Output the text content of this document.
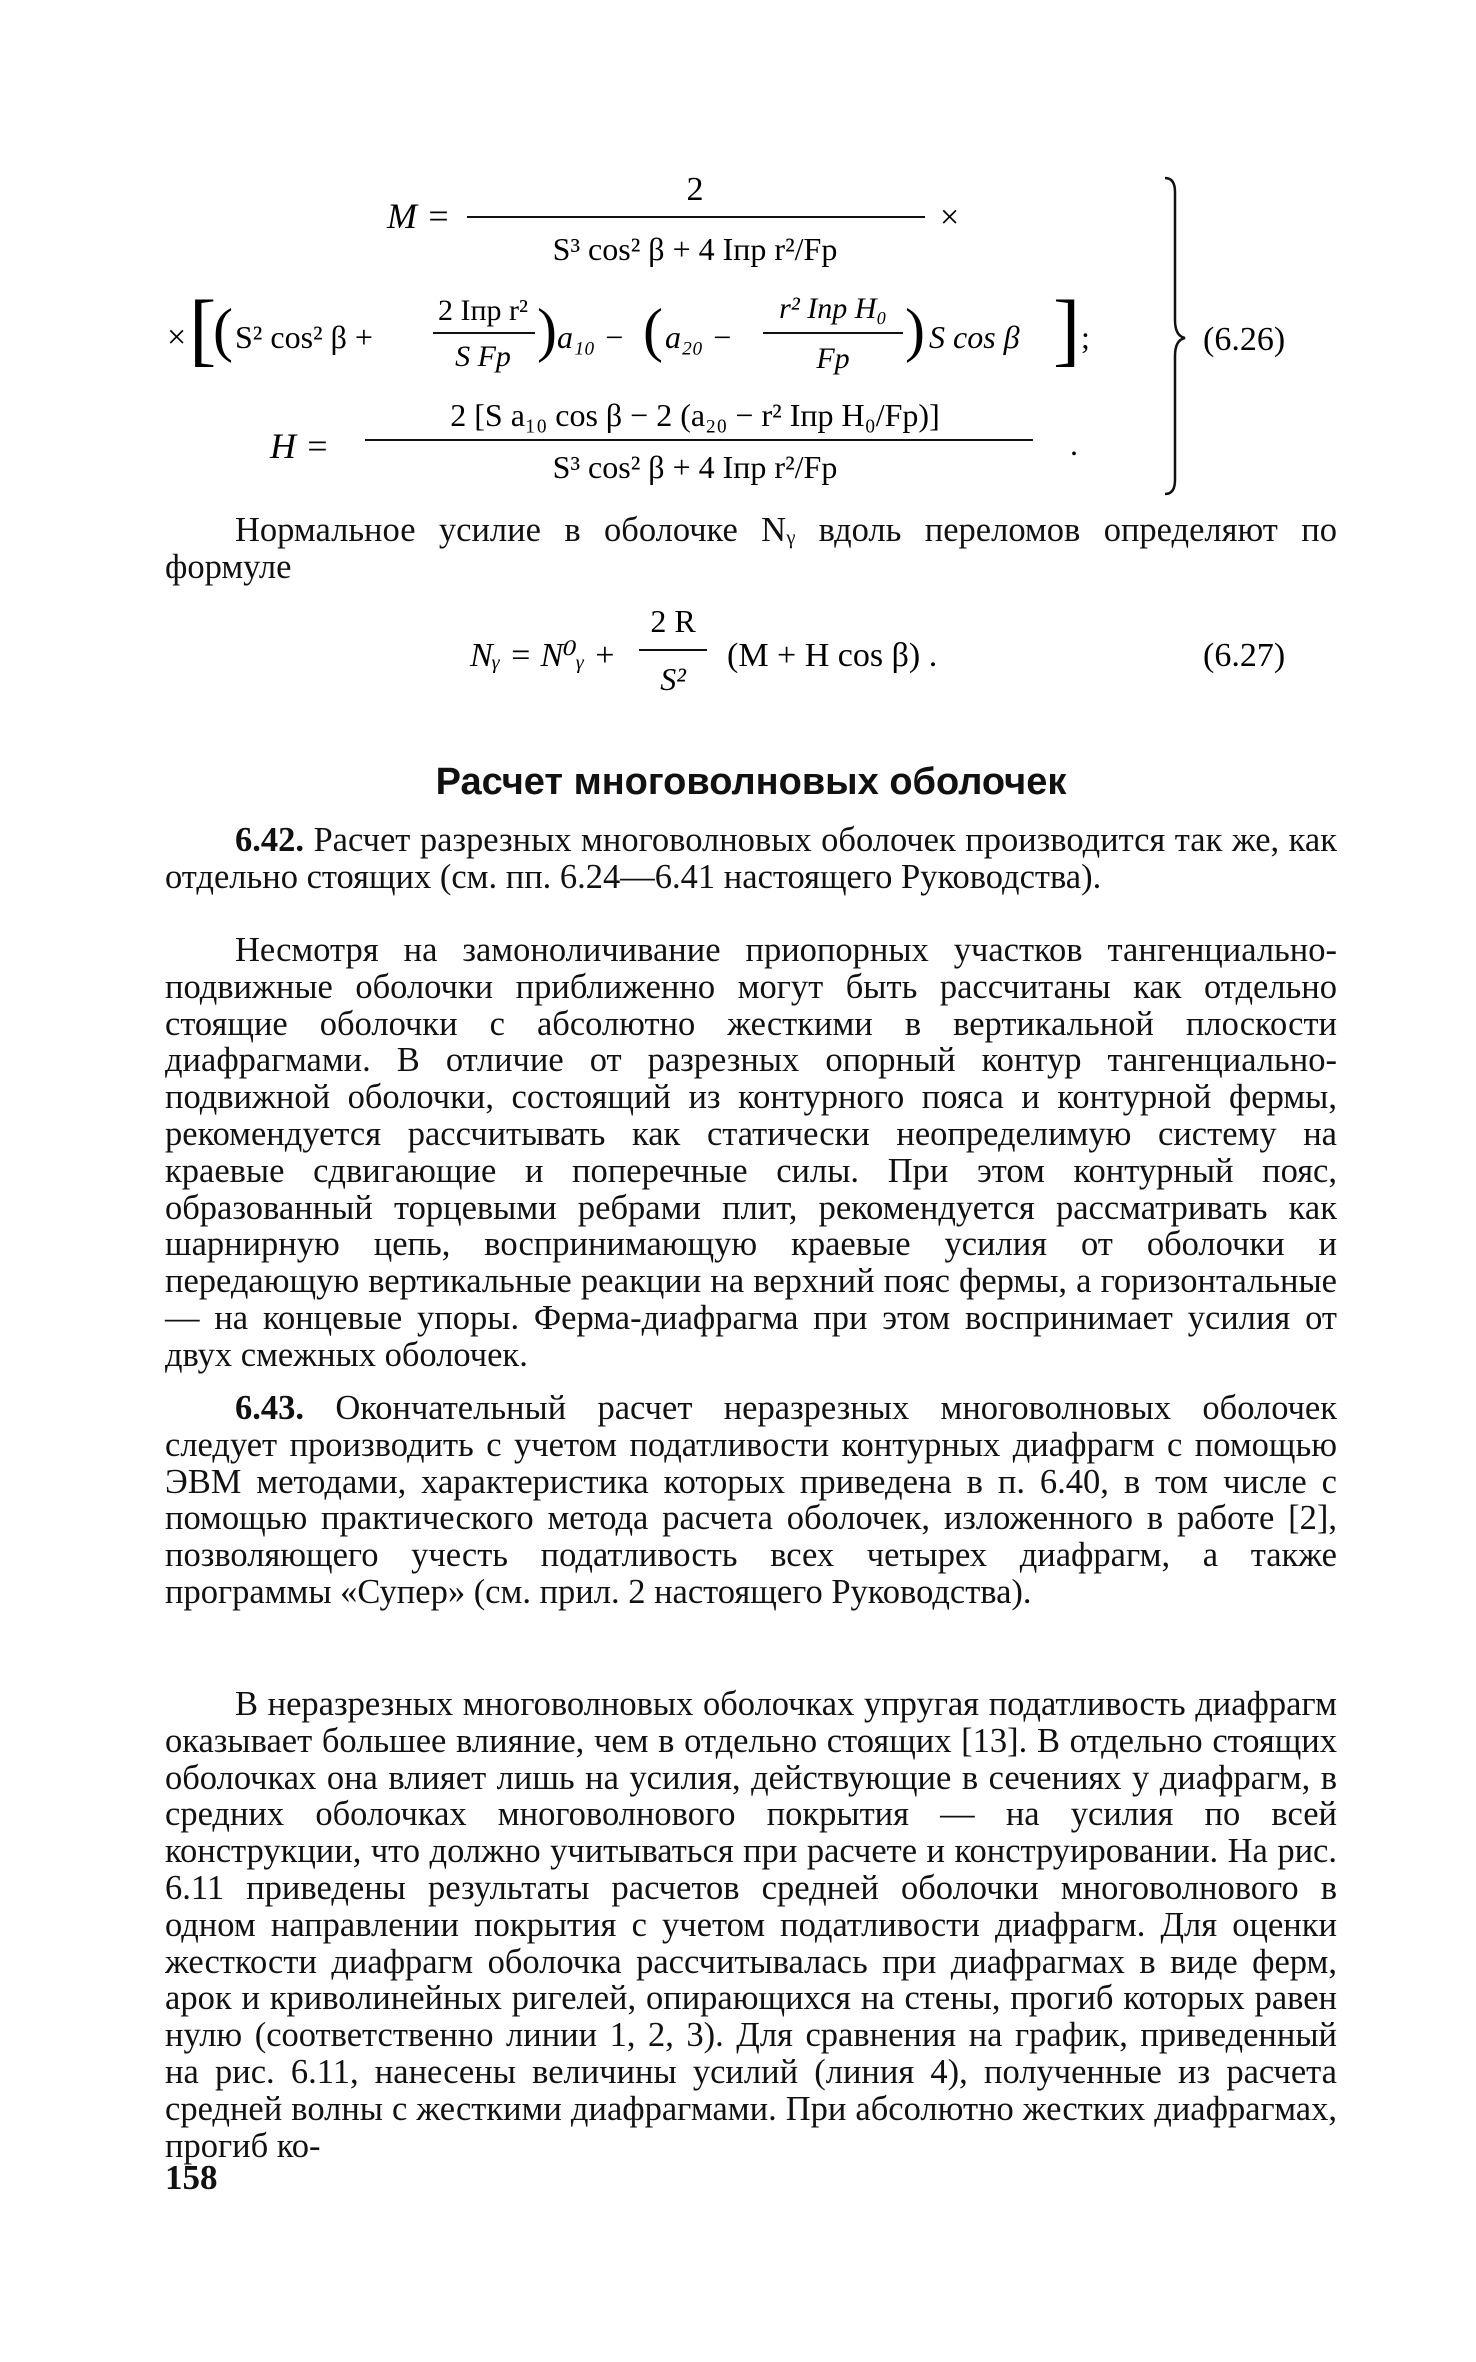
M =
2
S³ cos² β + 4 Iпр r²/Fр
×
× [
( S² cos² β +
2 Iпр r²
S Fр ) a₁₀ − ( a₂₀ −
r² Iпр H₀
Fр ) S cos β ] ;
H =
2 [S a₁₀ cos β − 2 (a₂₀ − r² Iпр H₀/Fр)]
S³ cos² β + 4 Iпр r²/Fр
.
(6.26)

Нормальное усилие в оболочке Nᵧ вдоль переломов определяют по формуле

Nᵧ = N⁰ᵧ +
2 R
S²
(M + H cos β) .	(6.27)
Расчет многоволновых оболочек

6.42. Расчет разрезных многоволновых оболочек производится так же, как отдельно стоящих (см. пп. 6.24—6.41 настоящего Руководства).

Несмотря на замоноличивание приопорных участков тангенциально-подвижные оболочки приближенно могут быть рассчитаны как отдельно стоящие оболочки с абсолютно жесткими в вертикальной плоскости диафрагмами. В отличие от разрезных опорный контур тангенциально-подвижной оболочки, состоящий из контурного пояса и контурной фермы, рекомендуется рассчитывать как статически неопределимую систему на краевые сдвигающие и поперечные силы. При этом контурный пояс, образованный торцевыми ребрами плит, рекомендуется рассматривать как шарнирную цепь, воспринимающую краевые усилия от оболочки и передающую вертикальные реакции на верхний пояс фермы, а горизонтальные — на концевые упоры. Ферма-диафрагма при этом воспринимает усилия от двух смежных оболочек.

6.43. Окончательный расчет неразрезных многоволновых оболочек следует производить с учетом податливости контурных диафрагм с помощью ЭВМ методами, характеристика которых приведена в п. 6.40, в том числе с помощью практического метода расчета оболочек, изложенного в работе [2], позволяющего учесть податливость всех четырех диафрагм, а также программы «Супер» (см. прил. 2 настоящего Руководства).

В неразрезных многоволновых оболочках упругая податливость диафрагм оказывает большее влияние, чем в отдельно стоящих [13]. В отдельно стоящих оболочках она влияет лишь на усилия, действующие в сечениях у диафрагм, в средних оболочках многоволнового покрытия — на усилия по всей конструкции, что должно учитываться при расчете и конструировании. На рис. 6.11 приведены результаты расчетов средней оболочки многоволнового в одном направлении покрытия с учетом податливости диафрагм. Для оценки жесткости диафрагм оболочка рассчитывалась при диафрагмах в виде ферм, арок и криволинейных ригелей, опирающихся на стены, прогиб которых равен нулю (соответственно линии 1, 2, 3). Для сравнения на график, приведенный на рис. 6.11, нанесены величины усилий (линия 4), полученные из расчета средней волны с жесткими диафрагмами. При абсолютно жестких диафрагмах, прогиб ко-

158
